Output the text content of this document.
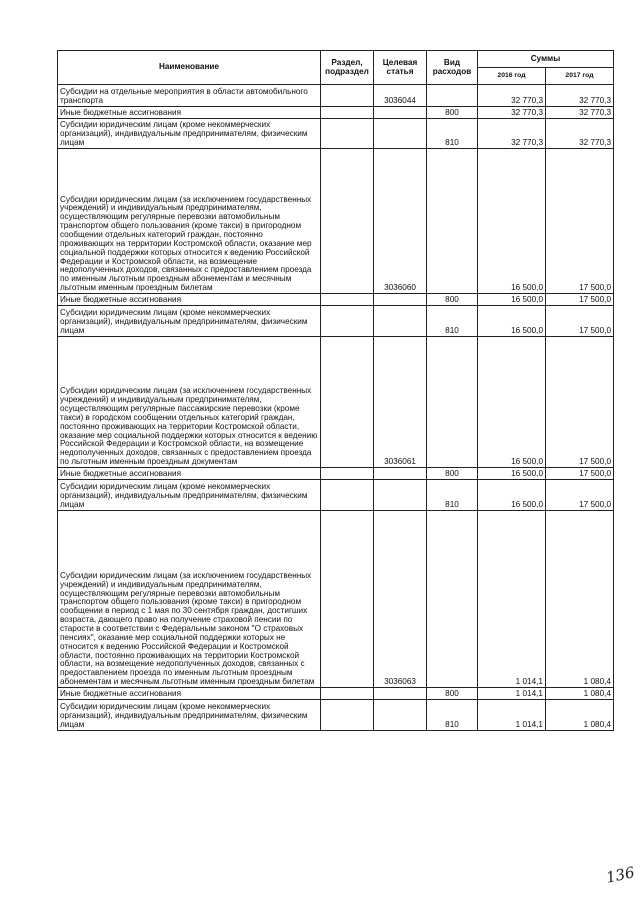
Наименование	Раздел, подраздел	Целевая статья	Вид расходов	Суммы	
				2016 год	2017 год
Субсидии на отдельные мероприятия в области автомобильного транспорта		3036044		32 770,3	32 770,3
Иные бюджетные ассигнования			800	32 770,3	32 770,3
Субсидии юридическим лицам (кроме некоммерческих организаций), индивидуальным предпринимателям, физическим лицам			810	32 770,3	32 770,3
Субсидии юридическим лицам (за исключением государственных учреждений) и индивидуальным предпринимателям, осуществляющим регулярные перевозки автомобильным транспортом общего пользования (кроме такси) в пригородном сообщении отдельных категорий граждан, постоянно проживающих на территории Костромской области, оказание мер социальной поддержки которых относится к ведению Российской Федерации и Костромской области, на возмещение недополученных доходов, связанных с предоставлением проезда по именным льготным проездным абонементам и месячным льготным именным проездным билетам		3036060		16 500,0	17 500,0
Иные бюджетные ассигнования			800	16 500,0	17 500,0
Субсидии юридическим лицам (кроме некоммерческих организаций), индивидуальным предпринимателям, физическим лицам			810	16 500,0	17 500,0
Субсидии юридическим лицам (за исключением государственных учреждений) и индивидуальным предпринимателям, осуществляющим регулярные пассажирские перевозки (кроме такси) в городском сообщении отдельных категорий граждан, постоянно проживающих на территории Костромской области, оказание мер социальной поддержки которых относится к ведению Российской Федерации и Костромской области, на возмещение недополученных доходов, связанных с предоставлением проезда по льготным именным проездным документам		3036061		16 500,0	17 500,0
Иные бюджетные ассигнования			800	16 500,0	17 500,0
Субсидии юридическим лицам (кроме некоммерческих организаций), индивидуальным предпринимателям, физическим лицам			810	16 500,0	17 500,0
Субсидии юридическим лицам (за исключением государственных учреждений) и индивидуальным предпринимателям, осуществляющим регулярные перевозки автомобильным транспортом общего пользования (кроме такси) в пригородном сообщении в период с 1 мая по 30 сентября граждан, достигших возраста, дающего право на получение страховой пенсии по старости в соответствии с Федеральным законом "О страховых пенсиях", оказание мер социальной поддержки которых не относится к ведению Российской Федерации и Костромской области, постоянно проживающих на территории Костромской области, на возмещение недополученных доходов, связанных с предоставлением проезда по именным льготным проездным абонементам и месячным льготным именным проездным билетам		3036063		1 014,1	1 080,4
Иные бюджетные ассигнования			800	1 014,1	1 080,4
Субсидии юридическим лицам (кроме некоммерческих организаций), индивидуальным предпринимателям, физическим лицам			810	1 014,1	1 080,4
136
